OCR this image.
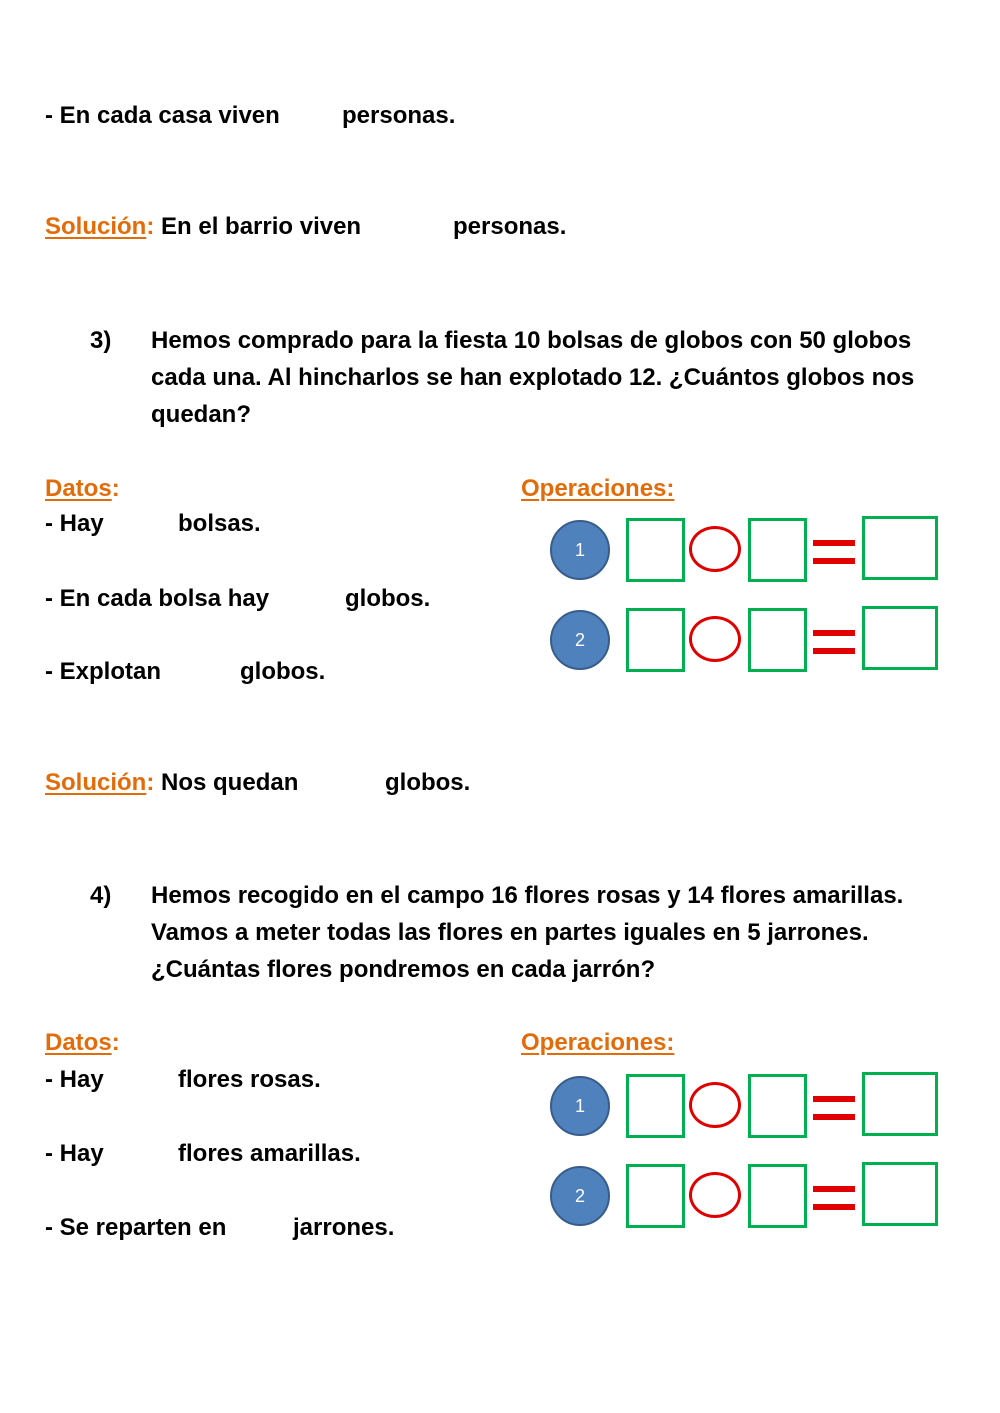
- En cada casa viven	personas.
Solución: En el barrio viven	personas.
3) Hemos comprado para la fiesta 10 bolsas de globos con 50 globos cada una. Al hincharlos se han explotado 12. ¿Cuántos globos nos quedan?
Datos:	Operaciones:
- Hay	bolsas.
- En cada bolsa hay	globos.
- Explotan	globos.
1
2
Solución: Nos quedan	globos.
4) Hemos recogido en el campo 16 flores rosas y 14 flores amarillas. Vamos a meter todas las flores en partes iguales en 5 jarrones. ¿Cuántas flores pondremos en cada jarrón?
Datos:	Operaciones:
- Hay	flores rosas.
- Hay	flores amarillas.
- Se reparten en	jarrones.
1
2
